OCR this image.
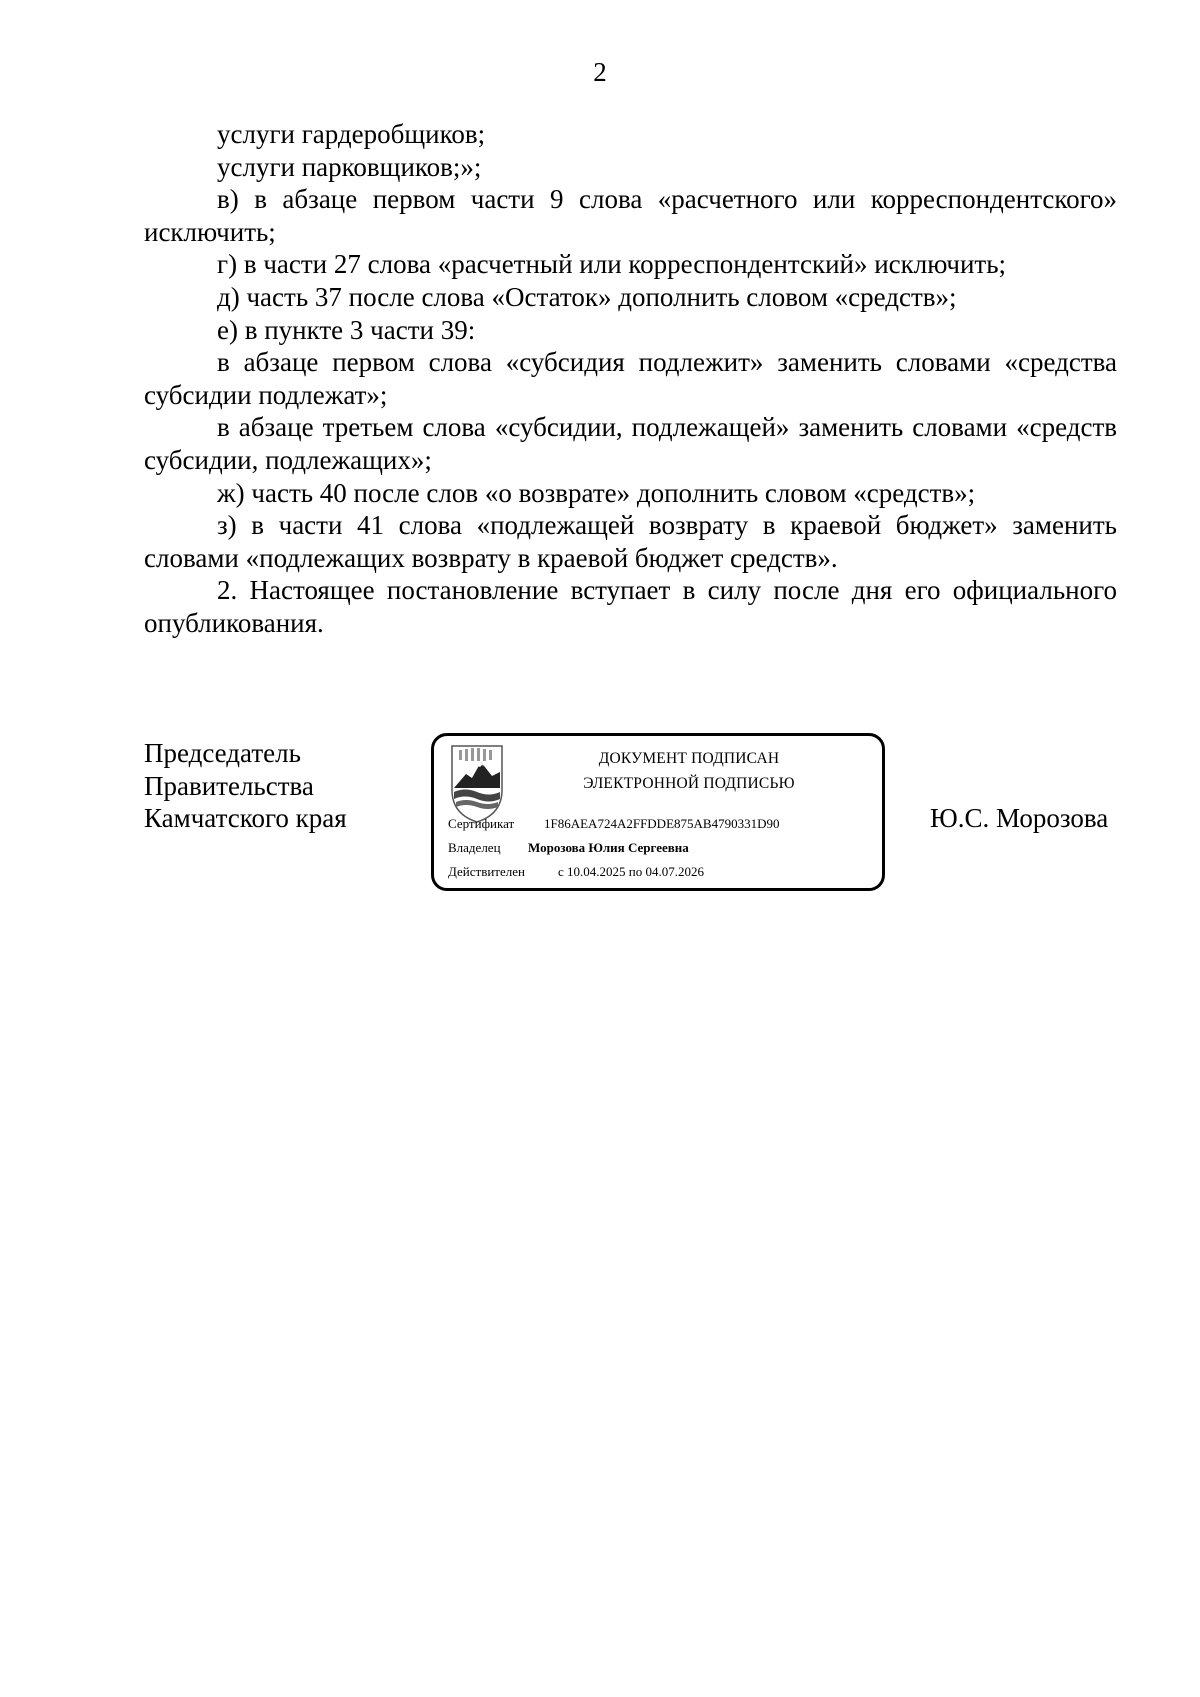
2

услуги гардеробщиков;

услуги парковщиков;»;

в) в абзаце первом части 9 слова «расчетного или корреспондентского» исключить;

г) в части 27 слова «расчетный или корреспондентский» исключить;

д) часть 37 после слова «Остаток» дополнить словом «средств»;

е) в пункте 3 части 39:

в абзаце первом слова «субсидия подлежит» заменить словами «средства субсидии подлежат»;

в абзаце третьем слова «субсидии, подлежащей» заменить словами «средств субсидии, подлежащих»;

ж) часть 40 после слов «о возврате» дополнить словом «средств»;

з) в части 41 слова «подлежащей возврату в краевой бюджет» заменить словами «подлежащих возврату в краевой бюджет средств».

2. Настоящее постановление вступает в силу после дня его официального опубликования.

Председатель
Правительства
Камчатского края
ДОКУМЕНТ ПОДПИСАН
ЭЛЕКТРОННОЙ ПОДПИСЬЮ
Сертификат 1F86AEA724A2FFDDE875AB4790331D90
Владелец Морозова Юлия Сергеевна
Действителен	с 10.04.2025 по 04.07.2026
Ю.С. Морозова
